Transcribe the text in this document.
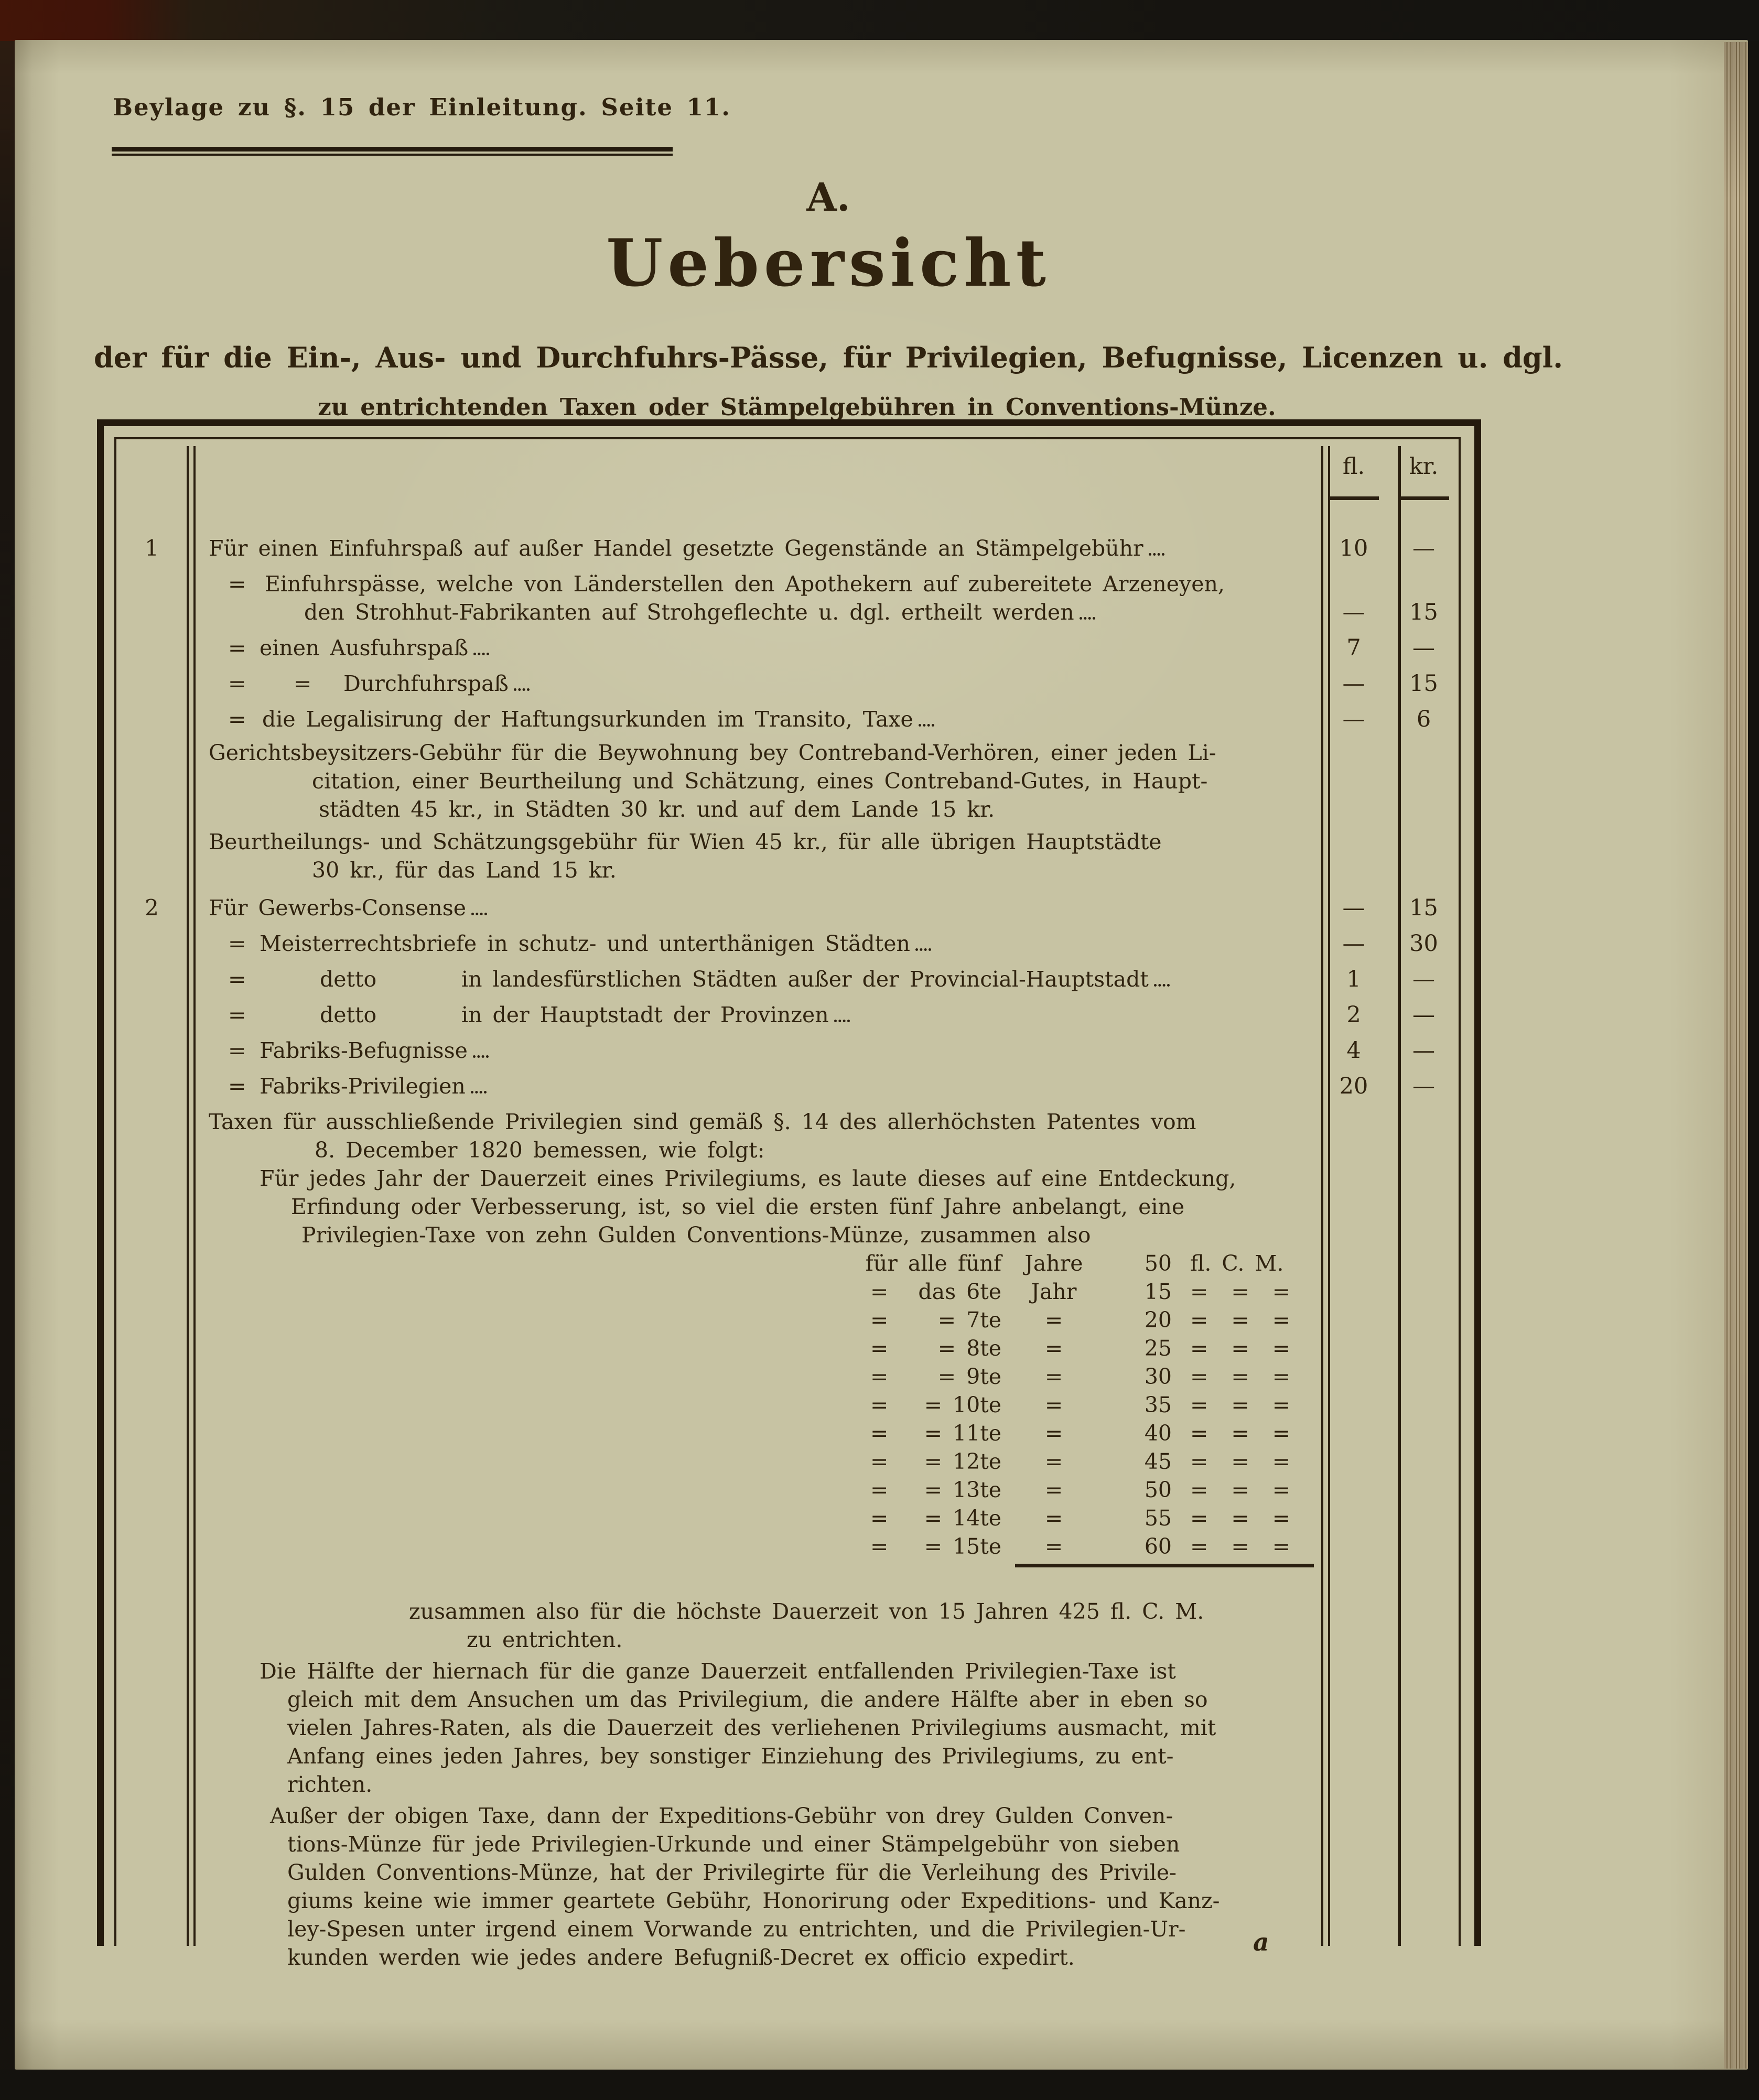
Beylage zu §. 15 der Einleitung. Seite 11.
A.
Uebersicht
der für die Ein-, Aus- und Durchfuhrs-Pässe, für Privilegien, Befugnisse, Licenzen u. dgl.
zu entrichtenden Taxen oder Stämpelgebühren in Conventions-Münze.
fl.	kr.
1	Für einen Einfuhrspaß auf außer Handel gesetzte Gegenstände an Stämpelgebühr	10	—
= Einfuhrspässe, welche von Länderstellen den Apothekern auf zubereitete Arzeneyen,
den Strohhut-Fabrikanten auf Strohgeflechte u. dgl. ertheilt werden	—	15
= einen Ausfuhrspaß	7	—
=	=	Durchfuhrspaß	—	15
= die Legalisirung der Haftungsurkunden im Transito, Taxe	—	6
Gerichtsbeysitzers-Gebühr für die Beywohnung bey Contreband-Verhören, einer jeden Li-
citation, einer Beurtheilung und Schätzung, eines Contreband-Gutes, in Haupt-
städten 45 kr., in Städten 30 kr. und auf dem Lande 15 kr.
Beurtheilungs- und Schätzungsgebühr für Wien 45 kr., für alle übrigen Hauptstädte
30 kr., für das Land 15 kr.
2	Für Gewerbs-Consense	—	15
= Meisterrechtsbriefe in schutz- und unterthänigen Städten	—	30
=	detto	in landesfürstlichen Städten außer der Provincial-Hauptstadt	1	—
=	detto	in der Hauptstadt der Provinzen	2	—
= Fabriks-Befugnisse	4	—
= Fabriks-Privilegien	20	—
Taxen für ausschließende Privilegien sind gemäß §. 14 des allerhöchsten Patentes vom
8. December 1820 bemessen, wie folgt:
Für jedes Jahr der Dauerzeit eines Privilegiums, es laute dieses auf eine Entdeckung,
Erfindung oder Verbesserung, ist, so viel die ersten fünf Jahre anbelangt, eine
Privilegien-Taxe von zehn Gulden Conventions-Münze, zusammen also
für alle fünf	Jahre	50 fl. C. M.
=	das 6te	Jahr	15 = = =
=	= 7te	=	20 = = =
=	= 8te	=	25 = = =
=	= 9te	=	30 = = =
=	= 10te	=	35 = = =
=	= 11te	=	40 = = =
=	= 12te	=	45 = = =
=	= 13te	=	50 = = =
=	= 14te	=	55 = = =
=	= 15te	=	60 = = =
zusammen also für die höchste Dauerzeit von 15 Jahren 425 fl. C. M.
zu entrichten.
Die Hälfte der hiernach für die ganze Dauerzeit entfallenden Privilegien-Taxe ist
gleich mit dem Ansuchen um das Privilegium, die andere Hälfte aber in eben so
vielen Jahres-Raten, als die Dauerzeit des verliehenen Privilegiums ausmacht, mit
Anfang eines jeden Jahres, bey sonstiger Einziehung des Privilegiums, zu ent-
richten.
Außer der obigen Taxe, dann der Expeditions-Gebühr von drey Gulden Conven-
tions-Münze für jede Privilegien-Urkunde und einer Stämpelgebühr von sieben
Gulden Conventions-Münze, hat der Privilegirte für die Verleihung des Privile-
giums keine wie immer geartete Gebühr, Honorirung oder Expeditions- und Kanz-
ley-Spesen unter irgend einem Vorwande zu entrichten, und die Privilegien-Ur-
kunden werden wie jedes andere Befugniß-Decret ex officio expedirt.
a
